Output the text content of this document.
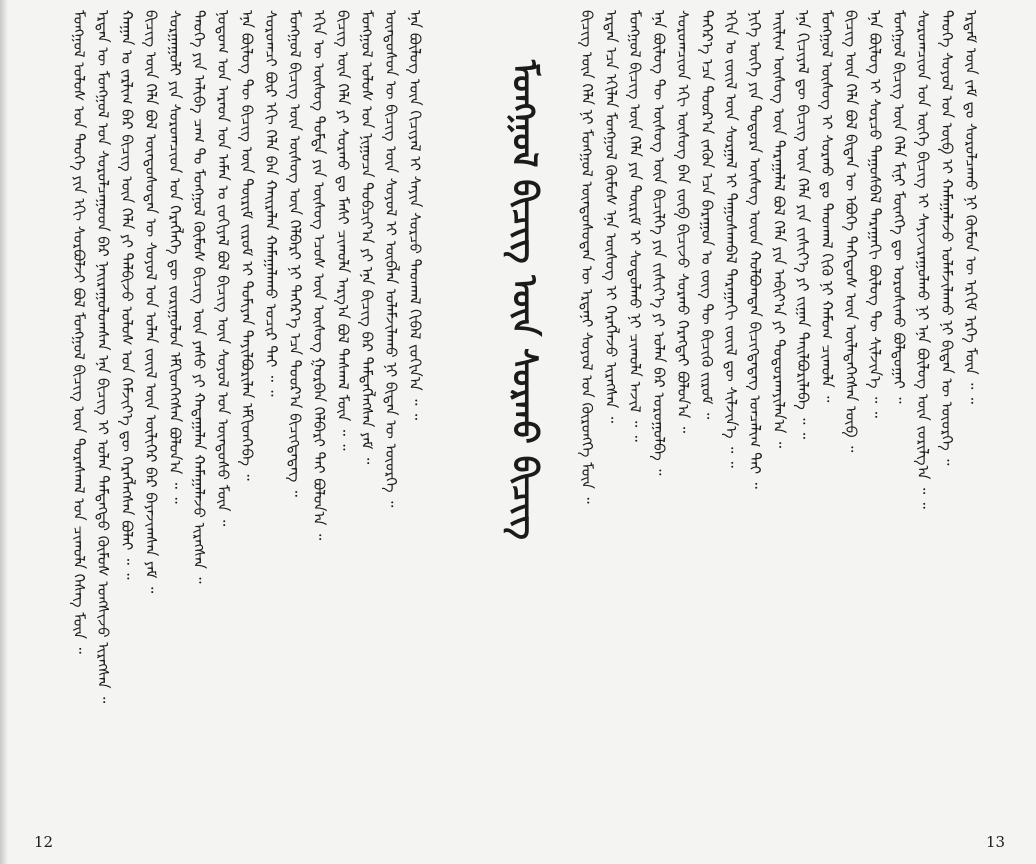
ᠮᠣᠩᠭᠣᠯ ᠤᠯᠤᠰ ᠤᠨ ᠲᠡᠦᠬᠡ ᠶᠢᠨ ᠡᠬᠢ ᠰᠤᠷᠪᠤᠯᠵᠢ ᠪᠣᠯ ᠮᠣᠩᠭᠣᠯ ᠪᠢᠴᠢᠭ ᠦᠨ ᠳᠤᠷᠠᠰᠬᠠᠯ ᠤᠨ ᠴᠢᠬᠤᠯᠠ ᠬᠡᠰᠡᠭ ᠮᠥᠨ ᠃ ᠡᠷᠲᠡᠨ ᠦ ᠮᠣᠩᠭᠣᠯ ᠤᠨ ᠰᠤᠷᠤᠯᠴᠠᠭᠤᠳ ᠪᠠᠷ ᠨᠠᠢᠷᠠᠭᠤᠯᠤᠭᠰᠠᠨ ᠡᠨᠡ ᠪᠢᠴᠢᠭ ᠢ ᠣᠯᠠᠨ ᠲᠡᠮᠳᠡᠭᠲᠦ ᠬᠦᠮᠦᠰ ᠤᠩᠰᠢᠵᠤ ᠢᠷᠡᠭᠰᠡᠨ ᠃ ᠬᠠᠭᠠᠨ ᠤ ᠵᠠᠷᠯᠢᠭ ᠪᠠᠷ ᠪᠢᠴᠢᠭ ᠦᠨ ᠬᠡᠯᠡ ᠶᠢ ᠲᠠᠯᠪᠢᠵᠤ ᠤᠯᠤᠰ ᠤᠨ ᠬᠡᠮᠵᠢᠶ᠎ᠡ ᠳᠦ ᠬᠡᠷᠡᠭᠯᠡᠭᠰᠡᠨ ᠪᠣᠯᠠᠢ ᠃ ᠃ ᠪᠢᠴᠢᠭ ᠦᠨ ᠬᠡᠯᠡ ᠪᠣᠯ ᠦᠨᠳᠦᠰᠦᠲᠡᠨ ᠦ ᠰᠣᠶᠣᠯ ᠤᠨ ᠣᠯᠠᠨ ᠵᠦᠢᠯ ᠦᠨ ᠦᠯᠢᠭᠡᠷ ᠪᠠᠷ ᠪᠠᠶᠠᠵᠢᠭᠰᠠᠨ ᠶᠠᠮ ᠃ ᠰᠤᠷᠭᠠᠭᠤᠯᠢ ᠶᠢᠨ ᠰᠤᠷᠤᠭᠴᠢᠳ ᠤᠨ ᠬᠡᠷᠡᠭᠯᠡᠭᠡ ᠳᠦ ᠵᠣᠷᠢᠭᠤᠯᠤᠨ ᠡᠮᠬᠢᠳᠬᠡᠭᠰᠡᠨ ᠪᠣᠯᠤᠨ᠎ᠠ ᠃ ᠃ ᠲᠡᠦᠬᠡ ᠶᠢᠨ ᠠᠯᠢᠪᠠ ᠴᠠᠭ ᠲᠤ ᠮᠣᠩᠭᠣᠯ ᠬᠦᠮᠦᠰ ᠪᠢᠴᠢᠭ ᠦᠨ ᠶᠠᠰᠤ ᠶᠢ ᠬᠠᠳᠠᠭᠠᠯᠠᠨ ᠬᠠᠮᠠᠭᠠᠯᠠᠵᠤ ᠢᠷᠡᠭᠰᠡᠨ ᠃ ᠨᠤᠲᠤᠭ ᠤᠨ ᠠᠷᠠᠳ ᠤᠨ ᠠᠮᠠᠨ ᠤ ᠵᠣᠬᠢᠶᠠᠯ ᠪᠣᠯ ᠪᠢᠴᠢᠭ ᠦᠨ ᠰᠣᠶᠣᠯ ᠤᠨ ᠦᠨᠳᠦᠰᠦ ᠮᠥᠨ ᠃ ᠡᠨᠡ ᠪᠦᠯᠦᠭ ᠲᠦ ᠪᠢᠴᠢᠭ ᠦᠨ ᠳᠦᠷᠢᠮ ᠵᠢᠷᠤᠮ ᠢ ᠲᠣᠮᠢᠶᠠᠨ ᠲᠠᠶᠢᠯᠪᠤᠷᠢᠯᠠᠨ ᠡᠮᠬᠢᠳᠬᠡᠪᠡ ᠃ ᠰᠤᠷᠤᠭᠴᠢ ᠪᠦᠷ ᠡᠬᠢ ᠬᠡᠯᠡ ᠪᠡᠨ ᠬᠠᠢᠷᠠᠯᠠᠨ ᠬᠠᠮᠠᠭᠠᠯᠠᠬᠤ ᠤᠴᠢᠷ ᠲᠠᠢ ᠃ ᠃ ᠮᠣᠩᠭᠣᠯ ᠪᠢᠴᠢᠭ ᠦᠨ ᠦᠰᠦᠭ ᠦᠨ ᠬᠡᠯᠪᠡᠷᠢ ᠨᠢ ᠳᠡᠭᠡᠷ᠎ᠡ ᠡᠴᠡ ᠳᠣᠣᠷ᠎ᠠ ᠪᠢᠴᠢᠭᠳᠡᠳᠡᠭ ᠃ ᠡᠬᠢᠨ ᠦ ᠦᠰᠦᠭ ᠳᠤᠮᠳᠠ ᠶᠢᠨ ᠦᠰᠦᠭ ᠡᠴᠦᠰ ᠦᠨ ᠦᠰᠦᠭ ᠭᠤᠷᠪᠠᠨ ᠬᠡᠯᠪᠡᠷᠢ ᠲᠠᠢ ᠪᠣᠯᠤᠨ᠎ᠠ ᠃ ᠪᠢᠴᠢᠭ ᠦᠨ ᠬᠡᠯᠡ ᠶᠢ ᠰᠤᠷᠬᠤ ᠳᠤ ᠮᠠᠰᠢ ᠴᠢᠬᠤᠯᠠ ᠠᠷᠭ᠎ᠠ ᠪᠣᠯ ᠳᠠᠰᠬᠠᠯ ᠮᠥᠨ ᠃ ᠃ ᠮᠣᠩᠭᠣᠯ ᠤᠯᠤᠰ ᠤᠨ ᠨᠢᠭᠤᠴᠠ ᠲᠣᠪᠴᠢᠶ᠎ᠠ ᠶᠢ ᠡᠨᠡ ᠪᠢᠴᠢᠭ ᠪᠡᠷ ᠲᠡᠮᠳᠡᠭᠯᠡᠭᠰᠡᠨ ᠶᠠᠮ ᠃ ᠦᠨᠳᠦᠰᠦᠨ ᠦ ᠪᠢᠴᠢᠭ ᠦᠨ ᠰᠣᠶᠣᠯ ᠢ ᠥᠪᠯᠡᠨ ᠤᠯᠠᠮᠵᠢᠯᠠᠬᠤ ᠨᠢ ᠪᠢᠳᠡᠨ ᠦ ᠦᠦᠷᠭᠡ ᠃ ᠡᠨᠡ ᠪᠦᠯᠦᠭ ᠦᠨ ᠬᠢᠴᠢᠶᠡᠯ ᠢ ᠰᠠᠶᠢᠨ ᠰᠤᠷᠴᠤ ᠳᠠᠳᠬᠠᠯ ᠬᠢᠪᠡᠯ ᠵᠣᠬᠢᠨ᠎ᠠ ᠃ ᠃ ᠮᠣᠩᠭᠣᠯ ᠪᠢᠴᠢᠭ ᠦᠨ ᠰᠤᠷᠬᠤ ᠪᠢᠴᠢᠭ ᠪᠢᠴᠢᠭ ᠦᠨ ᠬᠡᠯᠡ ᠨᠢ ᠮᠣᠩᠭᠣᠯ ᠦᠨᠳᠦᠰᠦᠲᠡᠨ ᠦ ᠡᠷᠳᠡᠨᠢ ᠰᠣᠶᠣᠯ ᠤᠨ ᠬᠥᠷᠥᠩᠭᠡ ᠮᠥᠨ ᠃ ᠡᠷᠲᠡᠨ ᠡᠴᠡ ᠡᠬᠢᠯᠡᠨ ᠮᠣᠩᠭᠣᠯ ᠬᠦᠮᠦᠰ ᠡᠨᠡ ᠦᠰᠦᠭ ᠢ ᠬᠡᠷᠡᠭᠯᠡᠵᠦ ᠢᠷᠡᠭᠰᠡᠨ ᠃ ᠮᠣᠩᠭᠣᠯ ᠪᠢᠴᠢᠭ ᠦᠨ ᠬᠡᠯᠡ ᠶᠢᠨ ᠳᠦᠷᠢᠮ ᠢ ᠰᠤᠳᠤᠯᠬᠤ ᠨᠢ ᠴᠢᠬᠤᠯᠠ ᠠᠵᠢᠯ ᠃ ᠃ ᠡᠨᠡ ᠪᠦᠯᠦᠭ ᠲᠦ ᠦᠰᠦᠭ ᠦᠨ ᠪᠢᠴᠢᠯᠭᠡ ᠶᠢᠨ ᠵᠢᠱᠢᠶ᠎ᠡ ᠶᠢ ᠣᠯᠠᠨ ᠪᠠᠷ ᠣᠷᠣᠭᠤᠯᠪᠠ ᠃ ᠰᠤᠷᠤᠭᠴᠢᠳ ᠡᠬᠢ ᠦᠰᠦᠭ ᠪᠡᠨ ᠵᠥᠪ ᠪᠢᠴᠢᠵᠦ ᠰᠤᠷᠬᠤ ᠬᠡᠷᠡᠭᠲᠡᠢ ᠪᠣᠯᠤᠨ᠎ᠠ ᠃ ᠳᠡᠭᠡᠷ᠎ᠡ ᠡᠴᠡ ᠳᠣᠣᠷ᠎ᠠ ᠵᠡᠭᠦᠨ ᠡᠴᠡ ᠪᠠᠷᠠᠭᠤᠨ ᠤ ᠵᠦᠭ ᠲᠦ ᠪᠢᠴᠢᠬᠦ ᠵᠢᠷᠤᠮ ᠃ ᠡᠬᠢᠨ ᠤ ᠵᠦᠢᠯ ᠦᠨ ᠰᠤᠷᠭᠠᠯ ᠢ ᠳᠠᠭᠤᠰᠬᠠᠪᠠᠯ ᠳᠠᠷᠠᠭᠠᠬᠢ ᠵᠦᠢᠯ ᠳᠦ ᠰᠢᠯᠵᠢᠨ᠎ᠡ ᠃ ᠃ ᠨᠢᠭᠡ ᠦᠭᠡ ᠶᠢᠨ ᠳᠣᠲᠣᠷᠠ ᠦᠰᠦᠭ ᠦᠳ ᠬᠣᠯᠪᠣᠭᠳᠠᠨ ᠪᠢᠴᠢᠭᠳᠡᠳᠡᠭ ᠣᠨᠴᠠᠯᠢᠭ ᠲᠠᠢ ᠃ ᠠᠢᠯᠢᠭ ᠦᠰᠦᠭ ᠦᠨ ᠳᠠᠷᠠᠭᠠᠯᠠᠯ ᠪᠣᠯ ᠬᠡᠯᠡ ᠶᠢᠨ ᠠᠪᠢᠶ᠎ᠠ ᠶᠢ ᠲᠣᠳᠣᠷᠬᠠᠶᠢᠯᠠᠨ᠎ᠠ ᠃ ᠡᠨᠡ ᠬᠢᠴᠢᠶᠡᠯ ᠳᠦ ᠪᠢᠴᠢᠭ ᠦᠨ ᠬᠡᠯᠡ ᠶᠢᠨ ᠵᠢᠱᠢᠶ᠎ᠡ ᠶᠢ ᠵᠢᠭᠠᠨ ᠲᠠᠢᠯᠪᠤᠷᠢᠯᠠᠪᠠ ᠃ ᠃ ᠮᠣᠩᠭᠣᠯ ᠦᠰᠦᠭ ᠢ ᠰᠤᠷᠬᠤ ᠳᠤ ᠳᠠᠳᠬᠠᠯ ᠬᠢᠬᠦ ᠨᠢ ᠬᠠᠮᠤᠭ ᠴᠢᠬᠤᠯᠠ ᠃ ᠪᠢᠴᠢᠭ ᠦᠨ ᠬᠡᠯᠡ ᠪᠣᠯ ᠪᠢᠳᠡᠨ ᠦ ᠡᠪᠦᠭᠡ ᠳᠡᠭᠡᠳᠦᠰ ᠦᠨ ᠦᠯᠡᠳᠡᠭᠡᠭᠰᠡᠨ ᠥᠪ ᠃ ᠡᠨᠡ ᠪᠦᠯᠦᠭ ᠢ ᠰᠤᠷᠴᠤ ᠳᠠᠭᠤᠰᠪᠠᠯ ᠳᠠᠷᠠᠭᠠᠬᠢ ᠪᠦᠯᠦᠭ ᠲᠦ ᠰᠢᠯᠵᠢᠨ᠎ᠡ ᠃ ᠃ ᠮᠣᠩᠭᠣᠯ ᠪᠢᠴᠢᠭ ᠦᠨ ᠬᠡᠯᠡ ᠮᠢᠨᠢ ᠮᠥᠩᠬᠡ ᠳᠦ ᠣᠷᠣᠰᠢᠬᠤ ᠪᠣᠯᠲᠤᠭᠠᠢ ᠃ ᠰᠤᠷᠤᠭᠴᠢᠳ ᠤᠨ ᠦᠭᠡ ᠪᠢᠴᠢᠭ ᠢ ᠰᠠᠶᠢᠵᠢᠷᠠᠭᠤᠯᠬᠤ ᠨᠢ ᠡᠨᠡ ᠪᠦᠯᠦᠭ ᠦᠨ ᠵᠣᠷᠢᠯᠭ᠎ᠠ ᠃ ᠃ ᠲᠡᠦᠬᠡ ᠰᠣᠶᠣᠯ ᠤᠨ ᠥᠪ ᠢ ᠬᠠᠮᠠᠭᠠᠯᠠᠵᠤ ᠤᠯᠠᠮᠵᠢᠯᠠᠬᠤ ᠨᠢ ᠪᠢᠳᠡᠨ ᠦ ᠦᠦᠷᠭᠡ ᠃ ᠡᠷᠳᠡᠮ ᠦᠨ ᠵᠠᠮ ᠳᠤ ᠰᠤᠷᠤᠯᠴᠠᠬᠤ ᠨᠢ ᠬᠦᠮᠦᠨ ᠦ ᠡᠷᠬᠢᠮ ᠡᠷᠬᠡ ᠮᠥᠨ ᠃ ᠃
12	13
